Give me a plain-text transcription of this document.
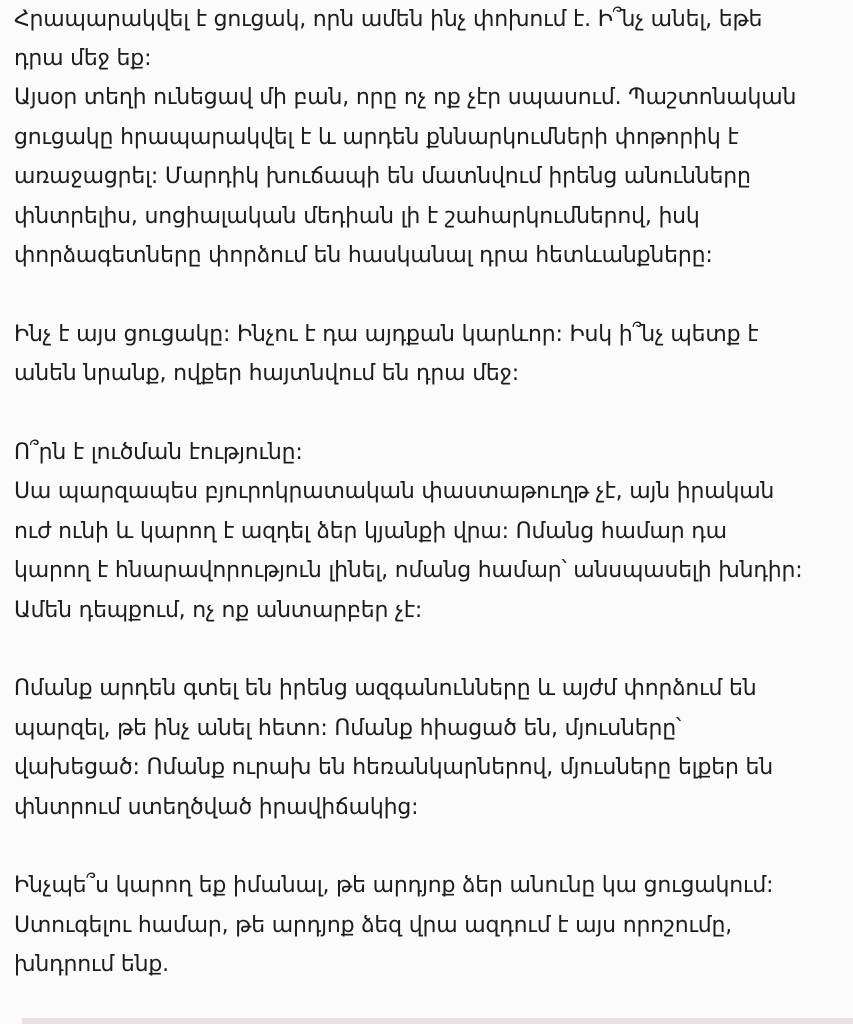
Հրապարակվել է ցուցակ, որն ամեն ինչ փոխում է. Ի՞նչ անել, եթե
դրա մեջ եք:
Այսօր տեղի ունեցավ մի բան, որը ոչ ոք չէր սպասում. Պաշտոնական
ցուցակը հրապարակվել է և արդեն քննարկումների փոթորիկ է
առաջացրել: Մարդիկ խուճապի են մատնվում իրենց անունները
փնտրելիս, սոցիալական մեդիան լի է շահարկումներով, իսկ
փորձագետները փորձում են հասկանալ դրա հետևանքները:
Ինչ է այս ցուցակը: Ինչու է դա այդքան կարևոր: Իսկ ի՞նչ պետք է
անեն նրանք, ովքեր հայտնվում են դրա մեջ:
Ո՞րն է լուծման էությունը:
Սա պարզապես բյուրոկրատական փաստաթուղթ չէ, այն իրական
ուժ ունի և կարող է ազդել ձեր կյանքի վրա: Ոմանց համար դա
կարող է հնարավորություն լինել, ոմանց համար՝ անսպասելի խնդիր:
Ամեն դեպքում, ոչ ոք անտարբեր չէ:
Ոմանք արդեն գտել են իրենց ազգանունները և այժմ փորձում են
պարզել, թե ինչ անել հետո: Ոմանք հիացած են, մյուսները՝
վախեցած: Ոմանք ուրախ են հեռանկարներով, մյուսները ելքեր են
փնտրում ստեղծված իրավիճակից:
Ինչպե՞ս կարող եք իմանալ, թե արդյոք ձեր անունը կա ցուցակում:
Ստուգելու համար, թե արդյոք ձեզ վրա ազդում է այս որոշումը,
խնդրում ենք.
